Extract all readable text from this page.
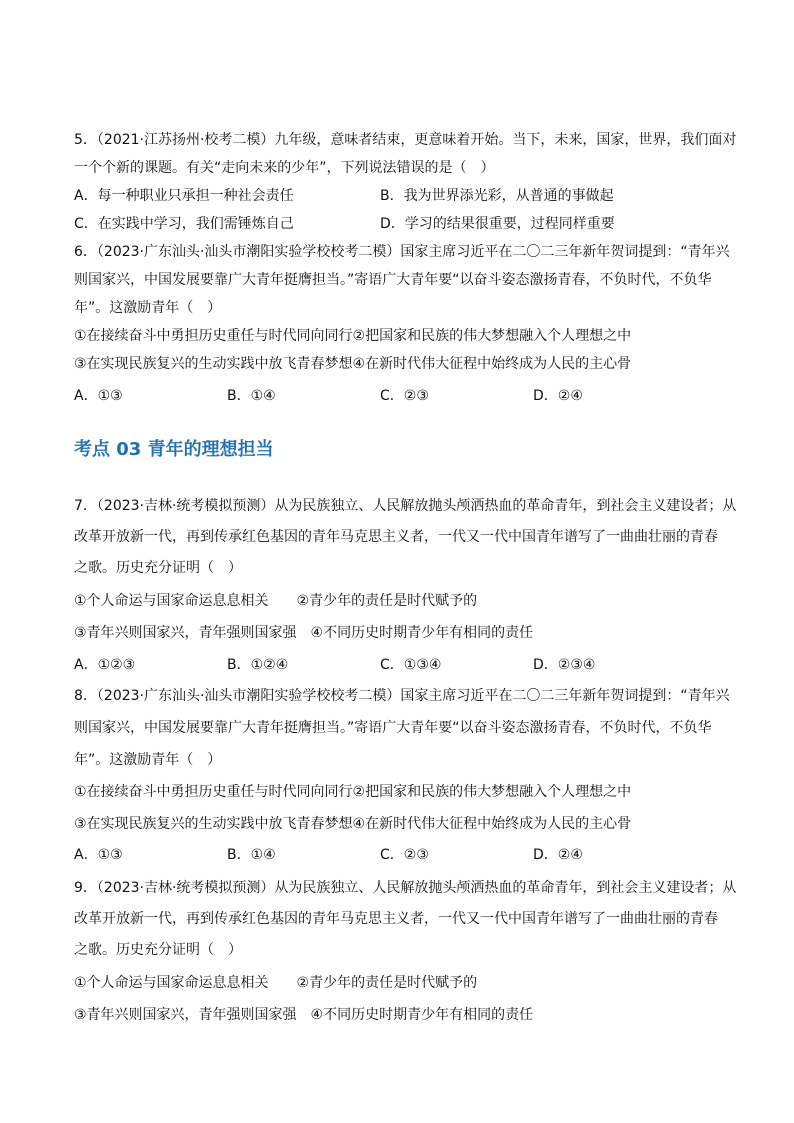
5．（2021·江苏扬州·校考二模）九年级，意味者结束，更意味着开始。当下，未来，国家，世界，我们面对
一个个新的课题。有关“走向未来的少年”，下列说法错误的是（　）
A．每一种职业只承担一种社会责任	B．我为世界添光彩，从普通的事做起
C．在实践中学习，我们需锤炼自己	D．学习的结果很重要，过程同样重要
6．（2023·广东汕头·汕头市潮阳实验学校校考二模）国家主席习近平在二〇二三年新年贺词提到：“青年兴
则国家兴，中国发展要靠广大青年挺膺担当。”寄语广大青年要“以奋斗姿态激扬青春，不负时代，不负华
年”。这激励青年（　）
①在接续奋斗中勇担历史重任与时代同向同行②把国家和民族的伟大梦想融入个人理想之中
③在实现民族复兴的生动实践中放飞青春梦想④在新时代伟大征程中始终成为人民的主心骨
A．①③	B．①④	C．②③	D．②④
考点 03 青年的理想担当
7．（2023·吉林·统考模拟预测）从为民族独立、人民解放抛头颅洒热血的革命青年，到社会主义建设者；从
改革开放新一代，再到传承红色基因的青年马克思主义者，一代又一代中国青年谱写了一曲曲壮丽的青春
之歌。历史充分证明（　）
①个人命运与国家命运息息相关　　②青少年的责任是时代赋予的
③青年兴则国家兴，青年强则国家强　④不同历史时期青少年有相同的责任
A．①②③	B．①②④	C．①③④	D．②③④
8．（2023·广东汕头·汕头市潮阳实验学校校考二模）国家主席习近平在二〇二三年新年贺词提到：“青年兴
则国家兴，中国发展要靠广大青年挺膺担当。”寄语广大青年要“以奋斗姿态激扬青春，不负时代，不负华
年”。这激励青年（　）
①在接续奋斗中勇担历史重任与时代同向同行②把国家和民族的伟大梦想融入个人理想之中
③在实现民族复兴的生动实践中放飞青春梦想④在新时代伟大征程中始终成为人民的主心骨
A．①③	B．①④	C．②③	D．②④
9．（2023·吉林·统考模拟预测）从为民族独立、人民解放抛头颅洒热血的革命青年，到社会主义建设者；从
改革开放新一代，再到传承红色基因的青年马克思主义者，一代又一代中国青年谱写了一曲曲壮丽的青春
之歌。历史充分证明（　）
①个人命运与国家命运息息相关　　②青少年的责任是时代赋予的
③青年兴则国家兴，青年强则国家强　④不同历史时期青少年有相同的责任
